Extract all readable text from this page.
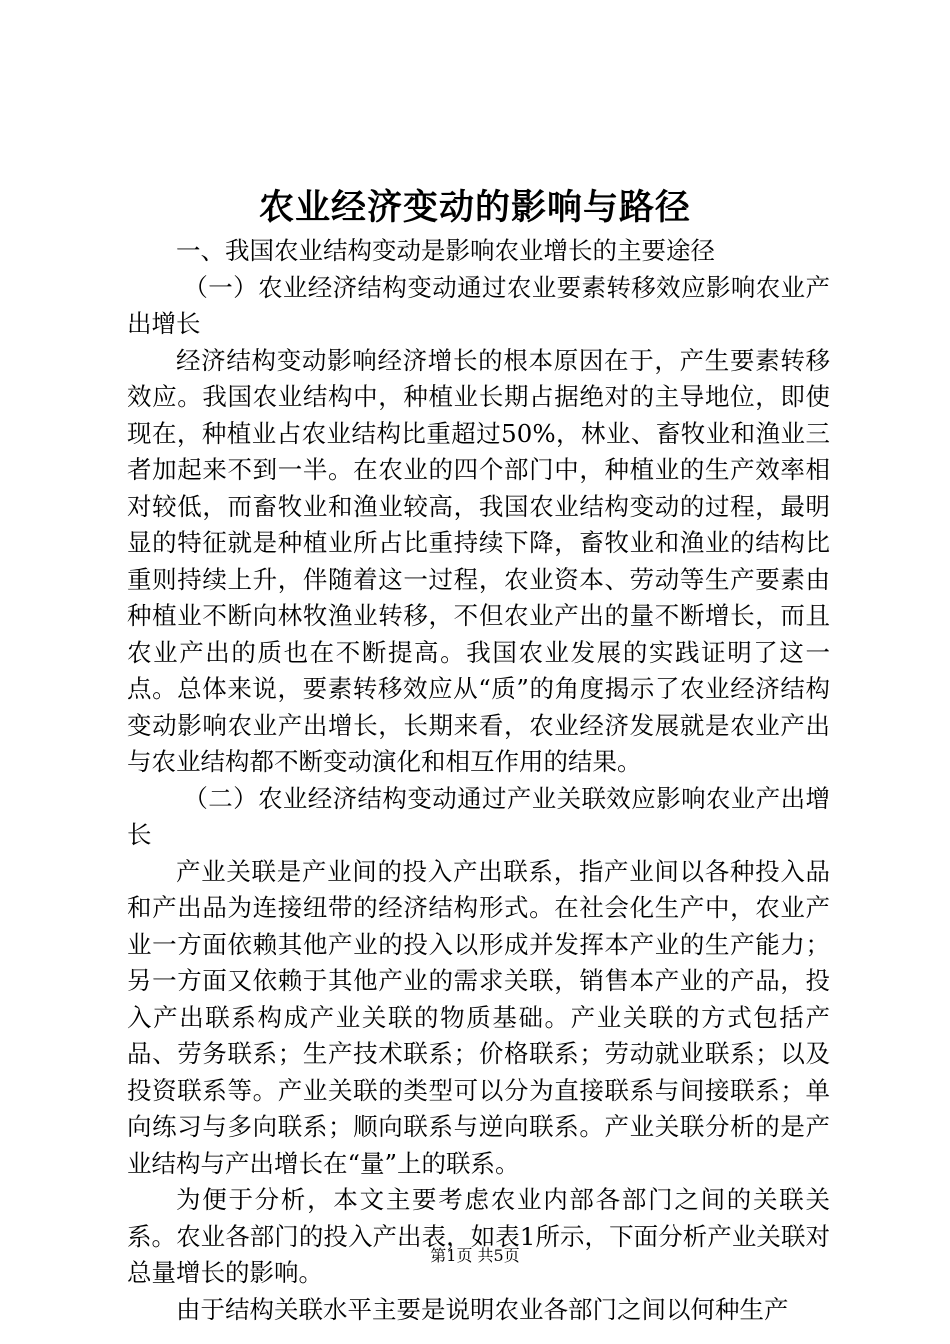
农业经济变动的影响与路径

一、我国农业结构变动是影响农业增长的主要途径

（一）农业经济结构变动通过农业要素转移效应影响农业产出增长

经济结构变动影响经济增长的根本原因在于，产生要素转移效应。我国农业结构中，种植业长期占据绝对的主导地位，即使现在，种植业占农业结构比重超过50%，林业、畜牧业和渔业三者加起来不到一半。在农业的四个部门中，种植业的生产效率相对较低，而畜牧业和渔业较高，我国农业结构变动的过程，最明显的特征就是种植业所占比重持续下降，畜牧业和渔业的结构比重则持续上升，伴随着这一过程，农业资本、劳动等生产要素由种植业不断向林牧渔业转移，不但农业产出的量不断增长，而且农业产出的质也在不断提高。我国农业发展的实践证明了这一点。总体来说，要素转移效应从“质”的角度揭示了农业经济结构变动影响农业产出增长，长期来看，农业经济发展就是农业产出与农业结构都不断变动演化和相互作用的结果。

（二）农业经济结构变动通过产业关联效应影响农业产出增长

产业关联是产业间的投入产出联系，指产业间以各种投入品和产出品为连接纽带的经济结构形式。在社会化生产中，农业产业一方面依赖其他产业的投入以形成并发挥本产业的生产能力；另一方面又依赖于其他产业的需求关联，销售本产业的产品，投入产出联系构成产业关联的物质基础。产业关联的方式包括产品、劳务联系；生产技术联系；价格联系；劳动就业联系；以及投资联系等。产业关联的类型可以分为直接联系与间接联系；单向练习与多向联系；顺向联系与逆向联系。产业关联分析的是产业结构与产出增长在“量”上的联系。

为便于分析，本文主要考虑农业内部各部门之间的关联关系。农业各部门的投入产出表，如表1所示，下面分析产业关联对总量增长的影响。

由于结构关联水平主要是说明农业各部门之间以何种生产

第1页 共5页
